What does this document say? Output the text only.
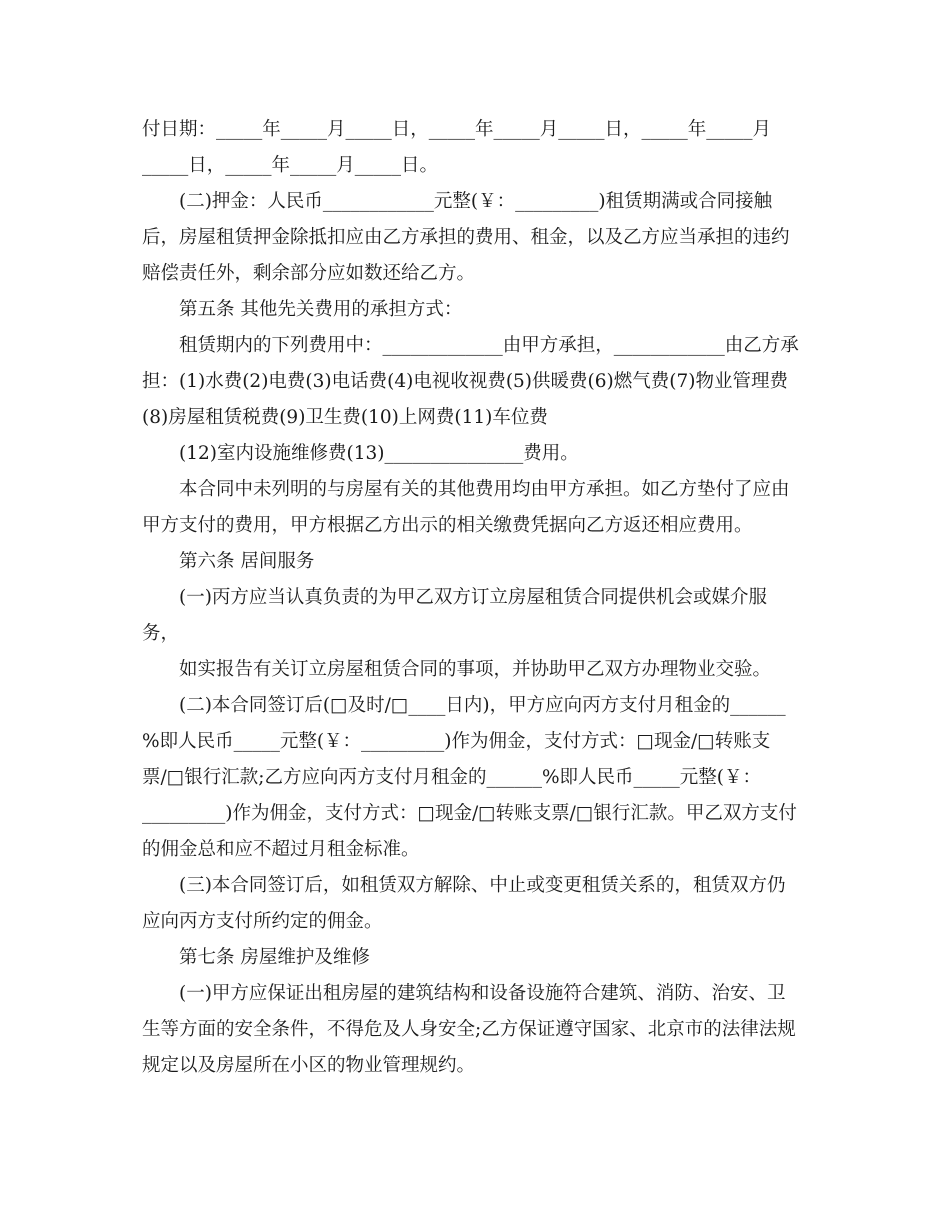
付日期：_____年_____月_____日，_____年_____月_____日，_____年_____月
_____日，_____年_____月_____日。
(二)押金：人民币____________元整(￥：_________)租赁期满或合同接触
后，房屋租赁押金除抵扣应由乙方承担的费用、租金，以及乙方应当承担的违约
赔偿责任外，剩余部分应如数还给乙方。
第五条 其他先关费用的承担方式：
租赁期内的下列费用中：_____________由甲方承担，____________由乙方承
担：(1)水费(2)电费(3)电话费(4)电视收视费(5)供暖费(6)燃气费(7)物业管理费
(8)房屋租赁税费(9)卫生费(10)上网费(11)车位费
(12)室内设施维修费(13)_______________费用。
本合同中未列明的与房屋有关的其他费用均由甲方承担。如乙方垫付了应由
甲方支付的费用，甲方根据乙方出示的相关缴费凭据向乙方返还相应费用。
第六条 居间服务
(一)丙方应当认真负责的为甲乙双方订立房屋租赁合同提供机会或媒介服
务，
如实报告有关订立房屋租赁合同的事项，并协助甲乙双方办理物业交验。
(二)本合同签订后(□及时/□____日内)，甲方应向丙方支付月租金的______
%即人民币_____元整(￥：_________)作为佣金，支付方式：□现金/□转账支
票/□银行汇款;乙方应向丙方支付月租金的______%即人民币_____元整(￥：
_________)作为佣金，支付方式：□现金/□转账支票/□银行汇款。甲乙双方支付
的佣金总和应不超过月租金标准。
(三)本合同签订后，如租赁双方解除、中止或变更租赁关系的，租赁双方仍
应向丙方支付所约定的佣金。
第七条 房屋维护及维修
(一)甲方应保证出租房屋的建筑结构和设备设施符合建筑、消防、治安、卫
生等方面的安全条件，不得危及人身安全;乙方保证遵守国家、北京市的法律法规
规定以及房屋所在小区的物业管理规约。
